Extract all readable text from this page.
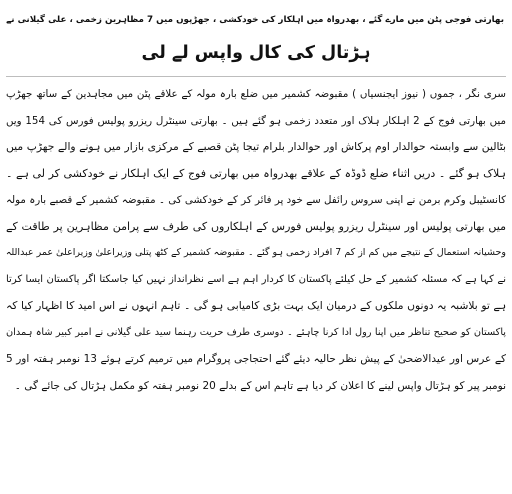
بھارتی فوجی پٹن میں مارے گئے ، بھدرواہ میں اہلکار کی خودکشی ، جھڑپوں میں 7 مظاہرین زخمی ، علی گیلانی نے
ہڑتال کی کال واپس لے لی
سری نگر ، جموں ( نیوز ایجنسیاں ) مقبوضہ کشمیر میں ضلع بارہ مولہ کے علاقے پٹن میں مجاہدین کے ساتھ جھڑپ
میں بھارتی فوج کے 2 اہلکار ہلاک اور متعدد زخمی ہو گئے ہیں ۔ بھارتی سینٹرل ریزرو پولیس فورس کی 154 ویں
بٹالین سے وابستہ حوالدار اوم پرکاش اور حوالدار بلرام تیجا پٹن قصبے کے مرکزی بازار میں ہونے والے جھڑپ میں
ہلاک ہو گئے ۔ دریں اثناء ضلع ڈوڈہ کے علاقے بھدرواہ میں بھارتی فوج کے ایک اہلکار نے خودکشی کر لی ہے ۔
کانسٹیبل وکرم برمن نے اپنی سروس رائفل سے خود پر فائر کر کے خودکشی کی ۔ مقبوضہ کشمیر کے قصبے بارہ مولہ
میں بھارتی پولیس اور سینٹرل ریزرو پولیس فورس کے اہلکاروں کی طرف سے پرامن مظاہرین پر طاقت کے
وحشیانہ استعمال کے نتیجے میں کم از کم 7 افراد زخمی ہو گئے ۔ مقبوضہ کشمیر کے کٹھ پتلی وزیراعلیٰ وزیراعلیٰ عمر عبداللہ
نے کہا ہے کہ مسئلہ کشمیر کے حل کیلئے پاکستان کا کردار اہم ہے اسے نظرانداز نہیں کیا جاسکتا اگر پاکستان ایسا کرتا
ہے تو بلاشبہ یہ دونوں ملکوں کے درمیان ایک بہت بڑی کامیابی ہو گی ۔ تاہم انہوں نے اس امید کا اظہار کیا کہ
پاکستان کو صحیح تناظر میں اپنا رول ادا کرنا چاہئے ۔ دوسری طرف حریت رہنما سید علی گیلانی نے امیر کبیر شاہ ہمدان
کے عرس اور عیدالاضحیٰ کے پیش نظر حالیہ دیئے گئے احتجاجی پروگرام میں ترمیم کرتے ہوئے 13 نومبر ہفتہ اور 5
نومبر پیر کو ہڑتال واپس لینے کا اعلان کر دیا ہے تاہم اس کے بدلے 20 نومبر ہفتہ کو مکمل ہڑتال کی جائے گی ۔
